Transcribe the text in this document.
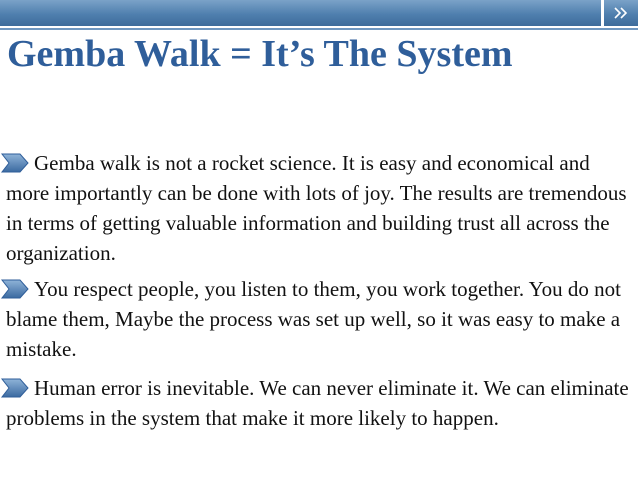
Gemba Walk = It’s The System
Gemba walk is not a rocket science. It is easy and economical and more importantly can be done with lots of joy. The results are tremendous in terms of getting valuable information and building trust all across the organization.
You respect people, you listen to them, you work together. You do not blame them, Maybe the process was set up well, so it was easy to make a mistake.
Human error is inevitable. We can never eliminate it. We can eliminate problems in the system that make it more likely to happen.
